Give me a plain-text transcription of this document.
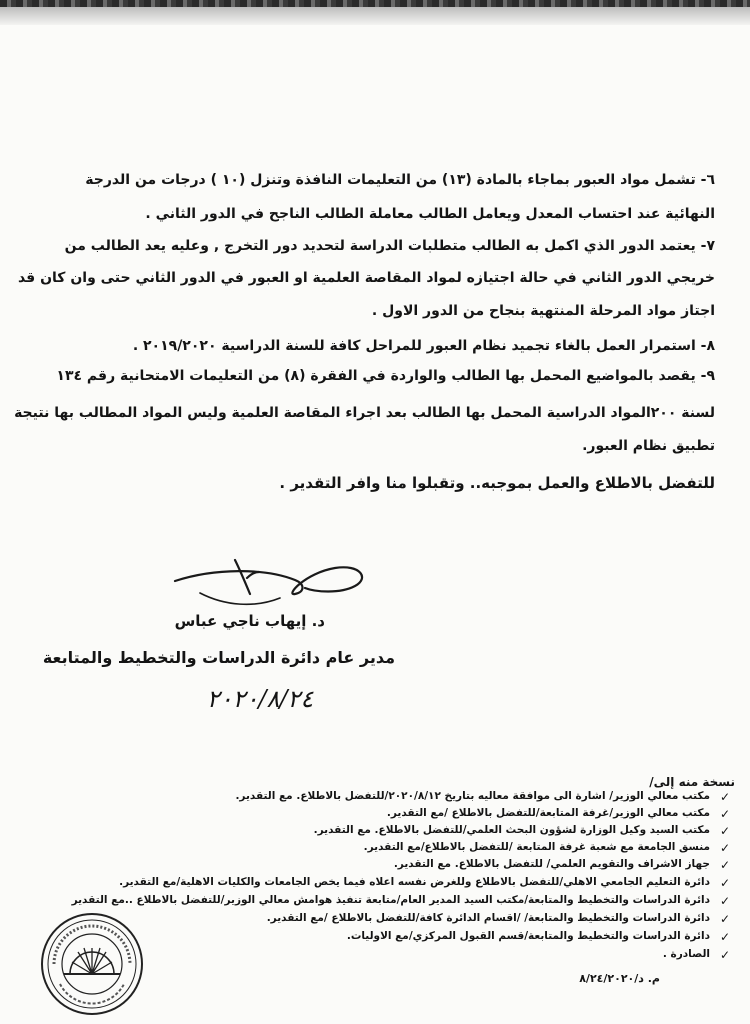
٦- تشمل مواد العبور بماجاء بالمادة (١٣) من التعليمات النافذة وتنزل (١٠ ) درجات من الدرجة
النهائية عند احتساب المعدل ويعامل الطالب معاملة الطالب الناجح في الدور الثاني .
٧- يعتمد الدور الذي اكمل به الطالب متطلبات الدراسة لتحديد دور التخرج , وعليه يعد الطالب من
خريجي الدور الثاني في حالة اجتيازه لمواد المقاصة العلمية او العبور في الدور الثاني حتى وان كان قد
اجتاز مواد المرحلة المنتهية بنجاح من الدور الاول .
٨- استمرار العمل بالغاء تجميد نظام العبور للمراحل كافة للسنة الدراسية ٢٠١٩/٢٠٢٠ .
٩- يقصد بالمواضيع المحمل بها الطالب والواردة في الفقرة (٨) من التعليمات الامتحانية رقم ١٣٤
لسنة ٢٠٠المواد الدراسية المحمل بها الطالب بعد اجراء المقاصة العلمية وليس المواد المطالب بها نتيجة
تطبيق نظام العبور.
للتفضل بالاطلاع والعمل بموجبه.. وتقبلوا منا وافر التقدير .
د. إيهاب ناجي عباس
مدير عام دائرة الدراسات والتخطيط والمتابعة
٢٠٢٠/٨/٢٤
نسخة منه إلى/
✓
مكتب معالي الوزير/ اشارة الى موافقة معاليه بتاريخ ٢٠٢٠/٨/١٢/للتفضل بالاطلاع. مع التقدير.
✓
مكتب معالي الوزير/غرفة المتابعة/للتفضل بالاطلاع /مع التقدير.
✓
مكتب السيد وكيل الوزارة لشؤون البحث العلمي/للتفضل بالاطلاع. مع التقدير.
✓
منسق الجامعة مع شعبة غرفة المتابعة /للتفضل بالاطلاع/مع التقدير.
✓
جهاز الاشراف والتقويم العلمي/ للتفضل بالاطلاع. مع التقدير.
✓
دائرة التعليم الجامعي الاهلي/للتفضل بالاطلاع وللغرض نفسه اعلاه فيما يخص الجامعات والكليات الاهلية/مع التقدير.
✓
دائرة الدراسات والتخطيط والمتابعة/مكتب السيد المدير العام/متابعة تنفيذ هوامش معالي الوزير/للتفضل بالاطلاع ..مع التقدير
✓
دائرة الدراسات والتخطيط والمتابعة/ /اقسام الدائرة كافة/للتفضل بالاطلاع /مع التقدير.
✓
دائرة الدراسات والتخطيط والمتابعة/قسم القبول المركزي/مع الاوليات.
✓
الصادرة .
م. د/٨/٢٤/٢٠٢٠
